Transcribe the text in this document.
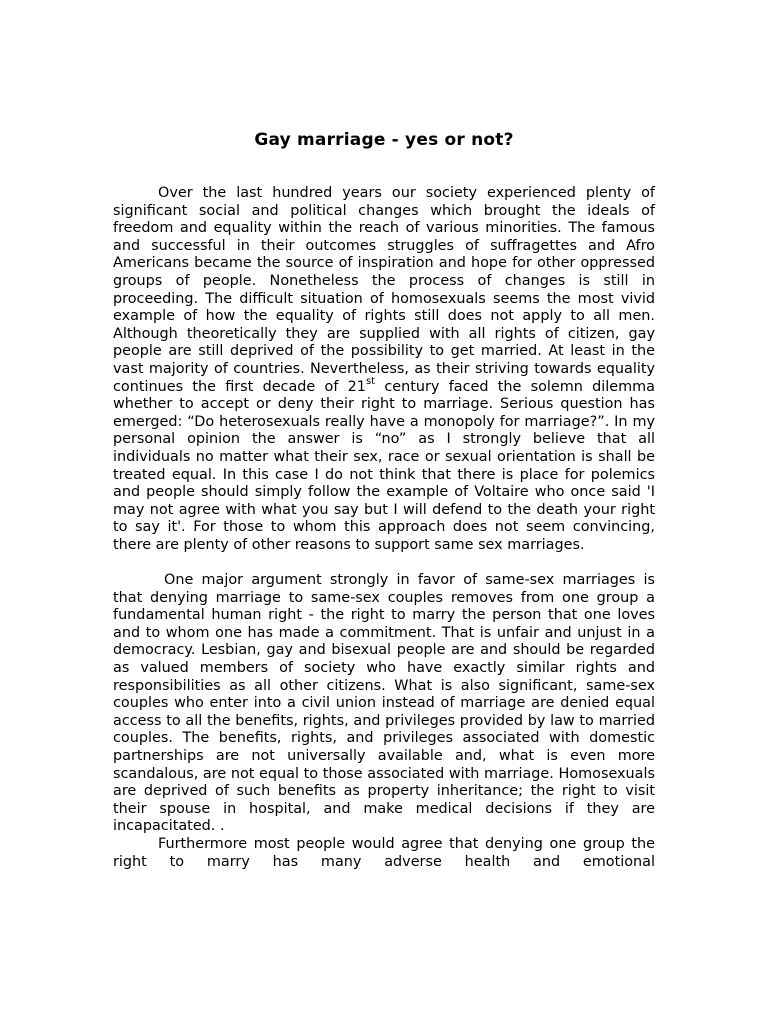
Gay marriage - yes or not?

Over the last hundred years our society experienced plenty of significant social and political changes which brought the ideals of freedom and equality within the reach of various minorities. The famous and successful in their outcomes struggles of suffragettes and Afro Americans became the source of inspiration and hope for other oppressed groups of people. Nonetheless the process of changes is still in proceeding. The difficult situation of homosexuals seems the most vivid example of how the equality of rights still does not apply to all men. Although theoretically they are supplied with all rights of citizen, gay people are still deprived of the possibility to get married. At least in the vast majority of countries. Nevertheless, as their striving towards equality continues the first decade of 21st century faced the solemn dilemma whether to accept or deny their right to marriage. Serious question has emerged: “Do heterosexuals really have a monopoly for marriage?”. In my personal opinion the answer is “no” as I strongly believe that all individuals no matter what their sex, race or sexual orientation is shall be treated equal. In this case I do not think that there is place for polemics and people should simply follow the example of Voltaire who once said 'I may not agree with what you say but I will defend to the death your right to say it'. For those to whom this approach does not seem convincing, there are plenty of other reasons to support same sex marriages.

One major argument strongly in favor of same-sex marriages is that denying marriage to same-sex couples removes from one group a fundamental human right - the right to marry the person that one loves and to whom one has made a commitment. That is unfair and unjust in a democracy. Lesbian, gay and bisexual people are and should be regarded as valued members of society who have exactly similar rights and responsibilities as all other citizens. What is also significant, same-sex couples who enter into a civil union instead of marriage are denied equal access to all the benefits, rights, and privileges provided by law to married couples. The benefits, rights, and privileges associated with domestic partnerships are not universally available and, what is even more scandalous, are not equal to those associated with marriage. Homosexuals are deprived of such benefits as property inheritance; the right to visit their spouse in hospital, and make medical decisions if they are incapacitated. .

Furthermore most people would agree that denying one group the right to marry has many adverse health and emotional
